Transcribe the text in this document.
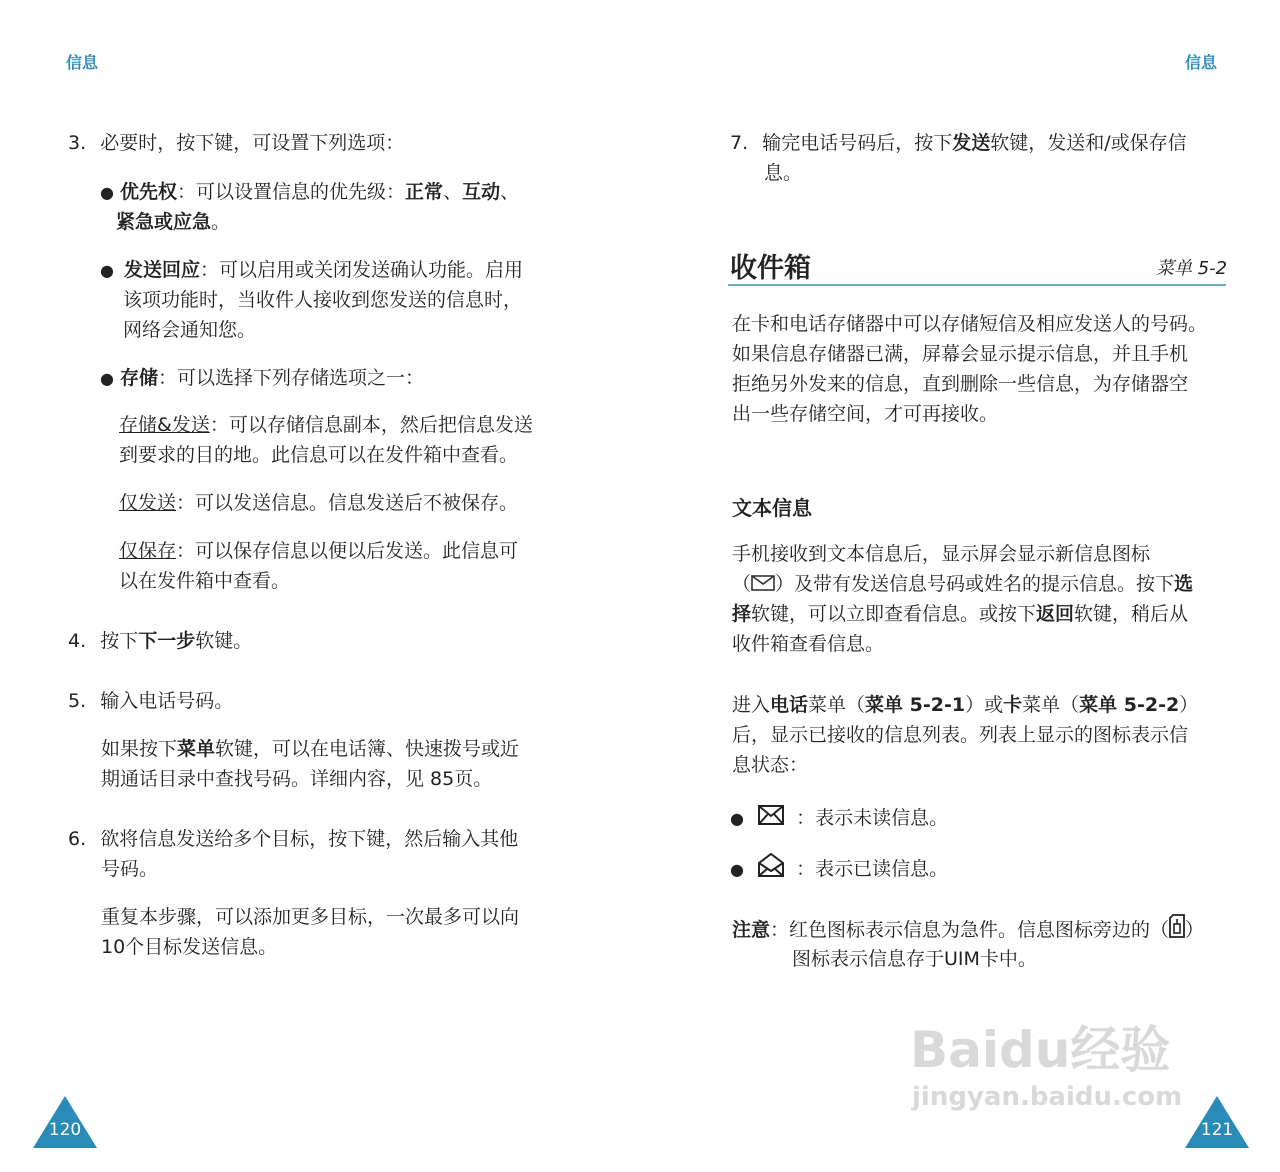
信息	信息
3. 必要时，按下键，可设置下列选项：
● 优先权：可以设置信息的优先级：正常、互动、
紧急或应急。
● 发送回应：可以启用或关闭发送确认功能。启用
该项功能时，当收件人接收到您发送的信息时，
网络会通知您。
● 存储：可以选择下列存储选项之一：
存储&发送：可以存储信息副本，然后把信息发送
到要求的目的地。此信息可以在发件箱中查看。
仅发送：可以发送信息。信息发送后不被保存。
仅保存：可以保存信息以便以后发送。此信息可
以在发件箱中查看。
4. 按下下一步软键。
5. 输入电话号码。
如果按下菜单软键，可以在电话簿、快速拨号或近
期通话目录中查找号码。详细内容，见 85页。
6. 欲将信息发送给多个目标，按下键，然后输入其他
号码。
重复本步骤，可以添加更多目标，一次最多可以向
10个目标发送信息。
120
7. 输完电话号码后，按下发送软键，发送和/或保存信
息。
收件箱	菜单 5-2
在卡和电话存储器中可以存储短信及相应发送人的号码。
如果信息存储器已满，屏幕会显示提示信息，并且手机
拒绝另外发来的信息，直到删除一些信息，为存储器空
出一些存储空间，才可再接收。
文本信息
手机接收到文本信息后，显示屏会显示新信息图标
（ ）及带有发送信息号码或姓名的提示信息。按下选
择软键，可以立即查看信息。或按下返回软键，稍后从
收件箱查看信息。
进入电话菜单（菜单 5-2-1）或卡菜单（菜单 5-2-2）
后，显示已接收的信息列表。列表上显示的图标表示信
息状态：
●	：表示未读信息。
●	：表示已读信息。
注意：红色图标表示信息为急件。信息图标旁边的（ ）
图标表示信息存于UIM卡中。
Baidu经验
jingyan.baidu.com
121
